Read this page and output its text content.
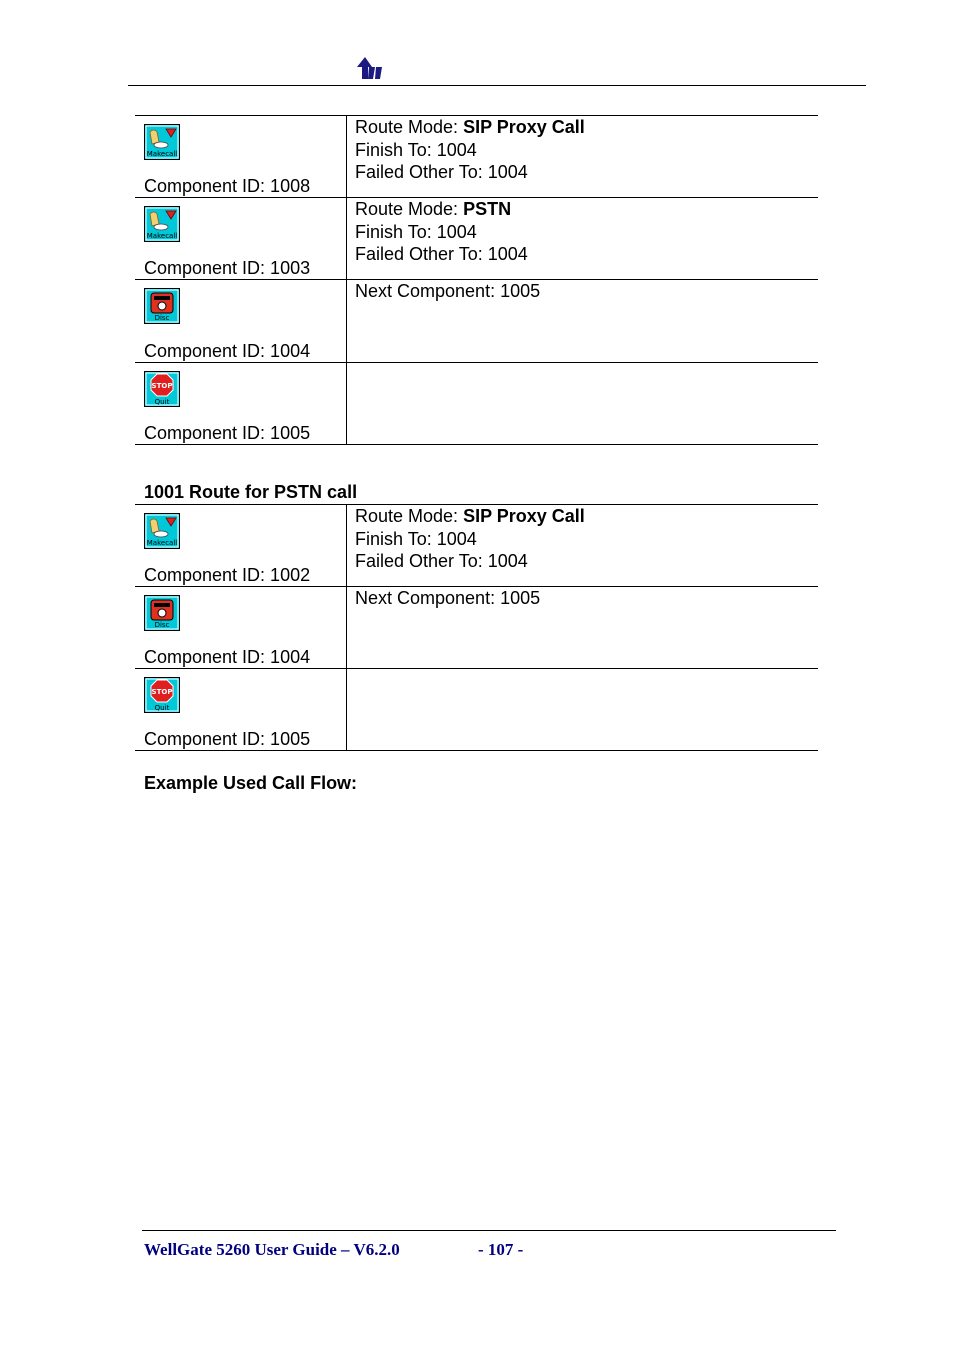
Makecall
Component ID: 1008
Route Mode: SIP Proxy Call
Finish To: 1004
Failed Other To: 1004
Makecall
Component ID: 1003
Route Mode: PSTN
Finish To: 1004
Failed Other To: 1004
Disc
Component ID: 1004
Next Component: 1005
STOP
Quit
Component ID: 1005
1001 Route for PSTN call
Makecall
Component ID: 1002
Route Mode: SIP Proxy Call
Finish To: 1004
Failed Other To: 1004
Disc
Component ID: 1004
Next Component: 1005
STOP
Quit
Component ID: 1005
Example Used Call Flow:
WellGate 5260 User Guide – V6.2.0	- 107 -
